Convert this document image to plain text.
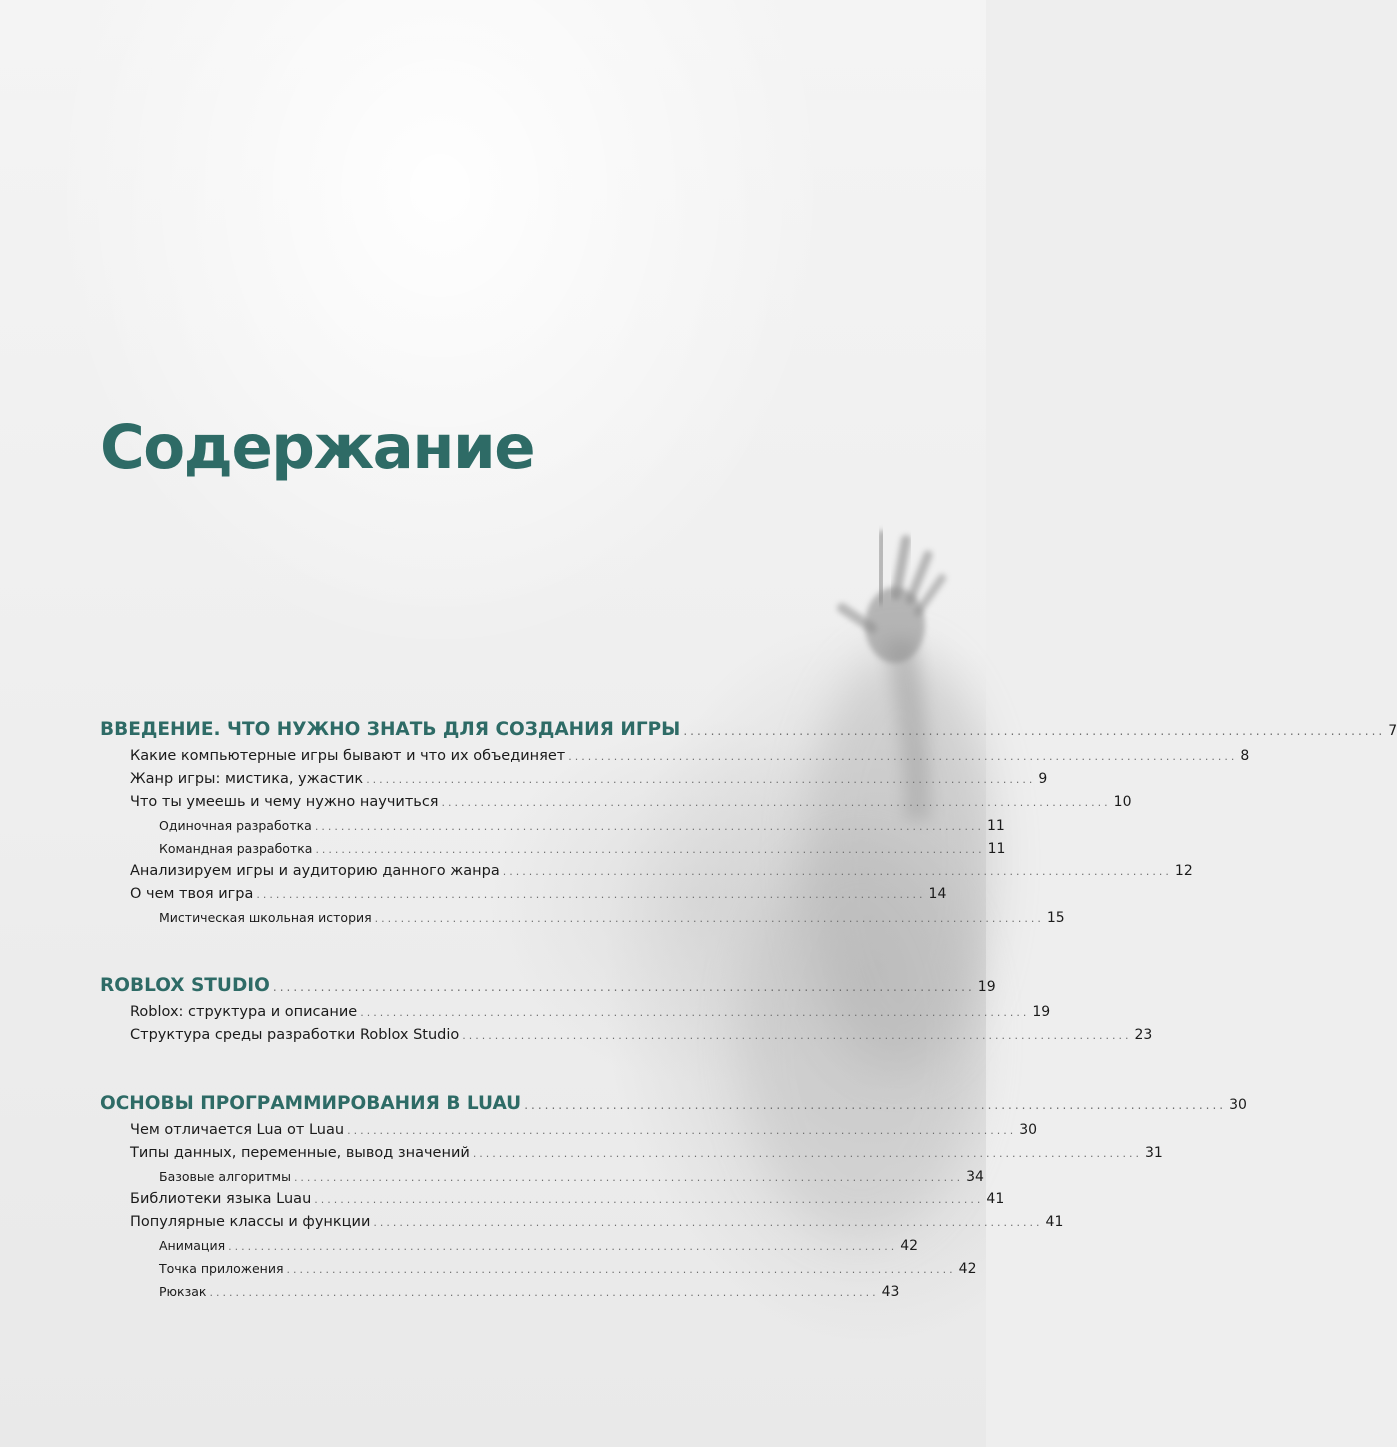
Содержание
ВВЕДЕНИЕ. ЧТО НУЖНО ЗНАТЬ ДЛЯ СОЗДАНИЯ ИГРЫ ....................................................................................................... 7
Какие компьютерные игры бывают и что их объединяет ....................................................................................................... 8
Жанр игры: мистика, ужастик ....................................................................................................... 9
Что ты умеешь и чему нужно научиться ....................................................................................................... 10
Одиночная разработка ....................................................................................................... 11
Командная разработка ....................................................................................................... 11
Анализируем игры и аудиторию данного жанра ....................................................................................................... 12
О чем твоя игра ....................................................................................................... 14
Мистическая школьная история ....................................................................................................... 15
ROBLOX STUDIO ....................................................................................................... 19
Roblox: структура и описание ....................................................................................................... 19
Структура среды разработки Roblox Studio ....................................................................................................... 23
ОСНОВЫ ПРОГРАММИРОВАНИЯ В LUAU ....................................................................................................... 30
Чем отличается Lua от Luau ....................................................................................................... 30
Типы данных, переменные, вывод значений ....................................................................................................... 31
Базовые алгоритмы ....................................................................................................... 34
Библиотеки языка Luau ....................................................................................................... 41
Популярные классы и функции ....................................................................................................... 41
Анимация ....................................................................................................... 42
Точка приложения ....................................................................................................... 42
Рюкзак ....................................................................................................... 43
